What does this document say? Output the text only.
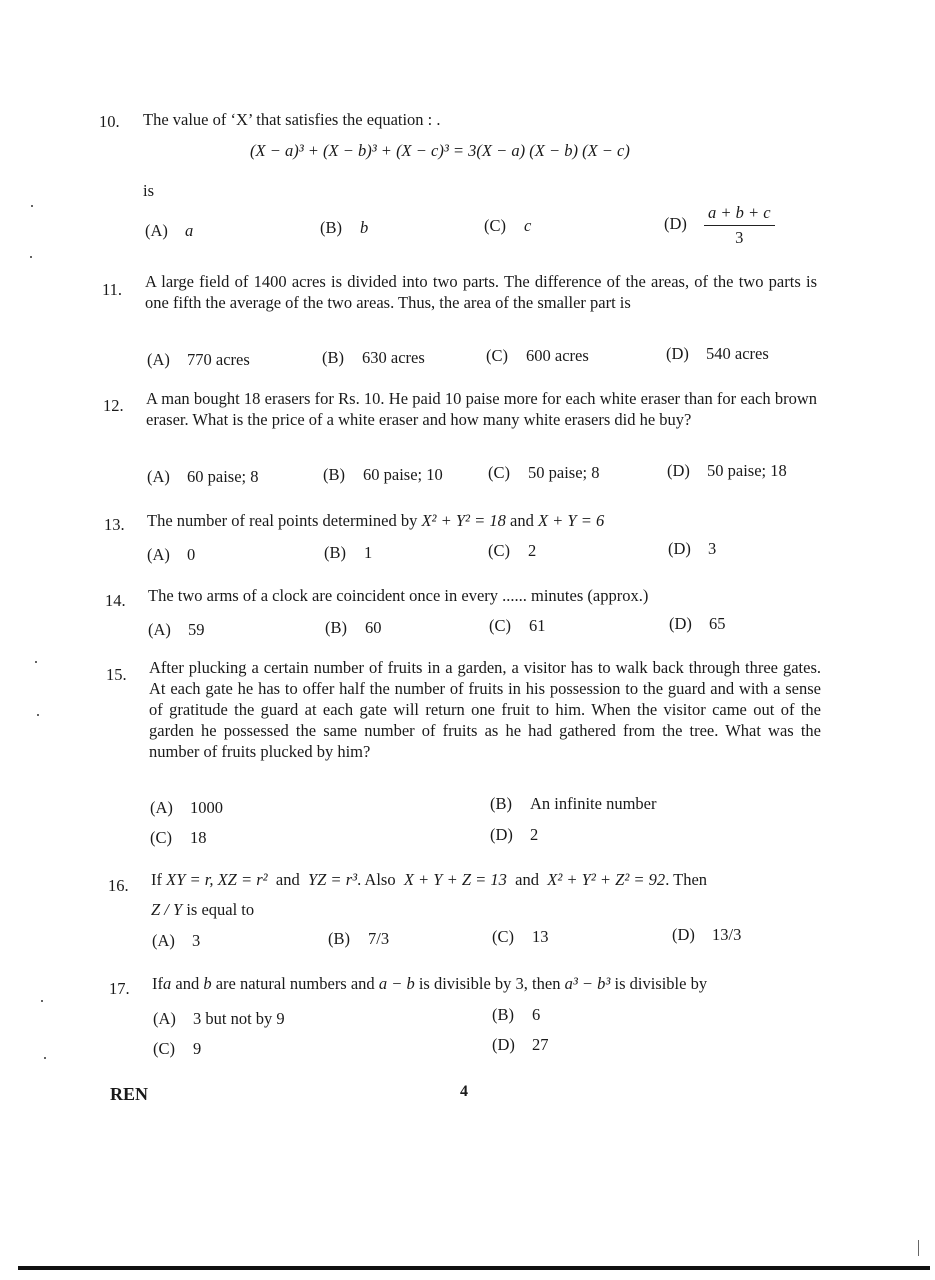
10. The value of ‘X’ that satisfies the equation : .
(X − a)³ + (X − b)³ + (X − c)³ = 3(X − a) (X − b) (X − c)
is
(A) a	(B) b	(C) c	$(D) \frac{a + b + c}{3}$
11. A large field of 1400 acres is divided into two parts. The difference of the areas, of the two parts is one fifth the average of the two areas. Thus, the area of the smaller part is
(A) 770 acres	(B) 630 acres	(C) 600 acres	(D) 540 acres
12. A man bought 18 erasers for Rs. 10. He paid 10 paise more for each white eraser than for each brown eraser. What is the price of a white eraser and how many white erasers did he buy?
(A) 60 paise; 8	(B) 60 paise; 10	(C) 50 paise; 8	(D) 50 paise; 18
13. The number of real points determined by X² + Y² = 18 and X + Y = 6
(A) 0	(B) 1	(C) 2	(D) 3
14. The two arms of a clock are coincident once in every ...... minutes (approx.)
(A) 59	(B) 60	(C) 61	(D) 65
15. After plucking a certain number of fruits in a garden, a visitor has to walk back through three gates. At each gate he has to offer half the number of fruits in his possession to the guard and with a sense of gratitude the guard at each gate will return one fruit to him. When the visitor came out of the garden he possessed the same number of fruits as he had gathered from the tree. What was the number of fruits plucked by him?
(A) 1000	(B) An infinite number
(C) 18	(D) 2
16. If XY = r, XZ = r² and YZ = r³. Also X + Y + Z = 13 and X² + Y² + Z² = 92. Then
Z / Y is equal to
(A) 3	(B) 7/3	(C) 13	(D) 13/3
17. Ifa and b are natural numbers and a − b is divisible by 3, then a³ − b³ is divisible by
(A) 3 but not by 9	(B) 6
(C) 9	(D) 27
REN	4
